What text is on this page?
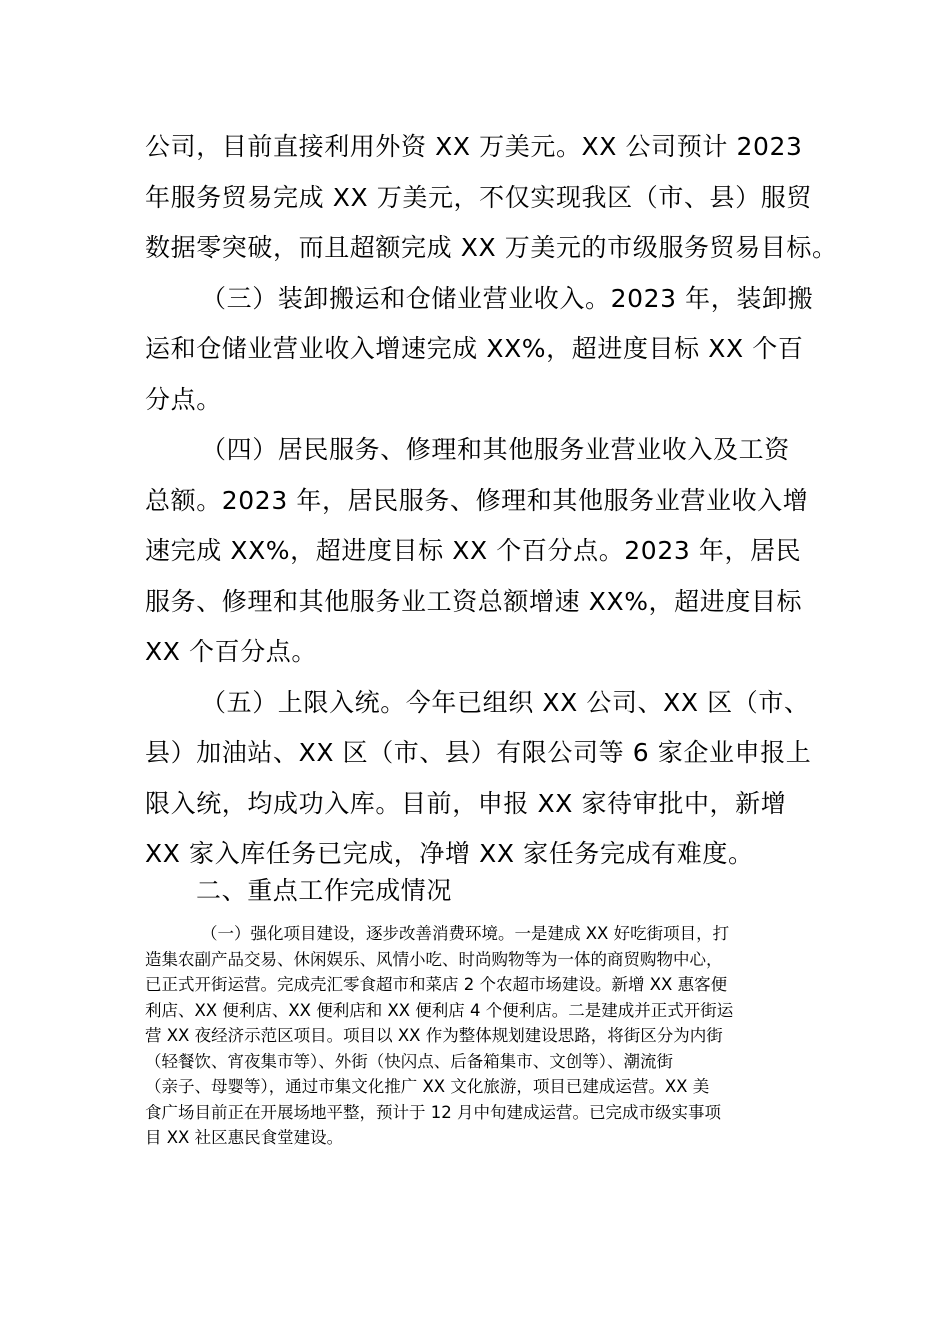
公司，目前直接利用外资 XX 万美元。XX 公司预计 2023
年服务贸易完成 XX 万美元，不仅实现我区（市、县）服贸
数据零突破，而且超额完成 XX 万美元的市级服务贸易目标。
（三）装卸搬运和仓储业营业收入。2023 年，装卸搬
运和仓储业营业收入增速完成 XX%，超进度目标 XX 个百
分点。
（四）居民服务、修理和其他服务业营业收入及工资
总额。2023 年，居民服务、修理和其他服务业营业收入增
速完成 XX%，超进度目标 XX 个百分点。2023 年，居民
服务、修理和其他服务业工资总额增速 XX%，超进度目标
XX 个百分点。
（五）上限入统。今年已组织 XX 公司、XX 区（市、
县）加油站、XX 区（市、县）有限公司等 6 家企业申报上
限入统，均成功入库。目前，申报 XX 家待审批中，新增
XX 家入库任务已完成，净增 XX 家任务完成有难度。
二、重点工作完成情况
（一）强化项目建设，逐步改善消费环境。一是建成 XX 好吃街项目，打
造集农副产品交易、休闲娱乐、风情小吃、时尚购物等为一体的商贸购物中心，
已正式开街运营。完成壳汇零食超市和菜店 2 个农超市场建设。新增 XX 惠客便
利店、XX 便利店、XX 便利店和 XX 便利店 4 个便利店。二是建成并正式开街运
营 XX 夜经济示范区项目。项目以 XX 作为整体规划建设思路，将街区分为内街
（轻餐饮、宵夜集市等）、外街（快闪点、后备箱集市、文创等）、潮流街
（亲子、母婴等），通过市集文化推广 XX 文化旅游，项目已建成运营。XX 美
食广场目前正在开展场地平整，预计于 12 月中旬建成运营。已完成市级实事项
目 XX 社区惠民食堂建设。
